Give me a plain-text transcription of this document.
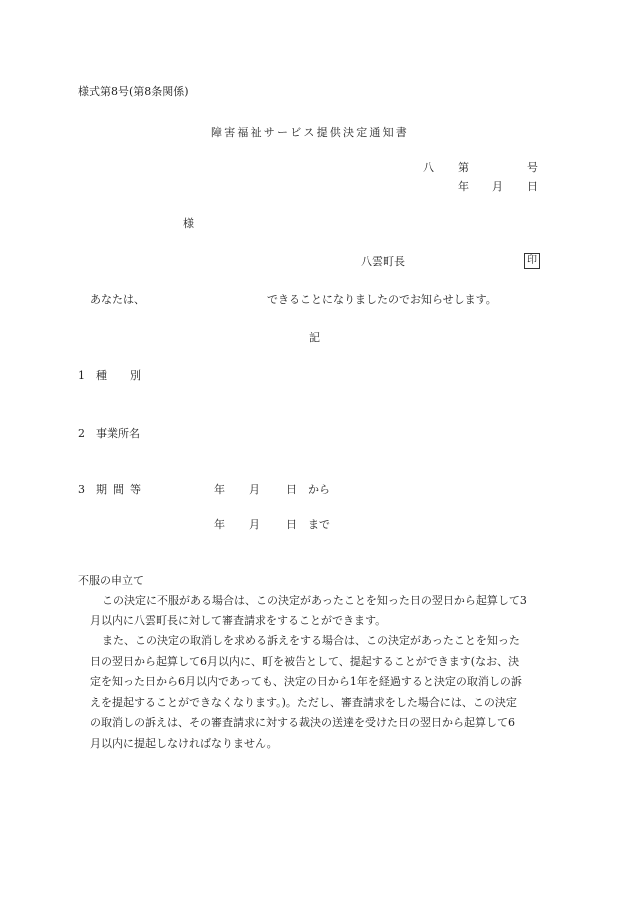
様式第8号(第8条関係)
障害福祉サービス提供決定通知書
八 第	号
年 月 日
様
八雲町長	印
あなたは、	できることになりましたのでお知らせします。
記
1 種 別
2 事業所名
3 期 間 等	年 月 日 から
年 月 日 まで
不服の申立て
この決定に不服がある場合は、この決定があったことを知った日の翌日から起算して3
月以内に八雲町長に対して審査請求をすることができます。
また、この決定の取消しを求める訴えをする場合は、この決定があったことを知った
日の翌日から起算して6月以内に、町を被告として、提起することができます(なお、決
定を知った日から6月以内であっても、決定の日から1年を経過すると決定の取消しの訴
えを提起することができなくなります。)。ただし、審査請求をした場合には、この決定
の取消しの訴えは、その審査請求に対する裁決の送達を受けた日の翌日から起算して6
月以内に提起しなければなりません。
